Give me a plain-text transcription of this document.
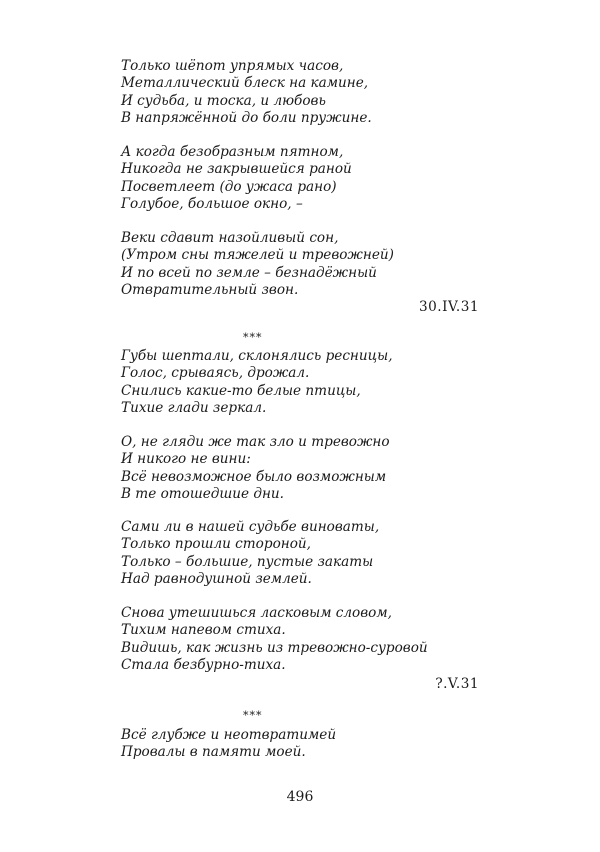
Только шёпот упрямых часов,
Металлический блеск на камине,
И судьба, и тоска, и любовь
В напряжённой до боли пружине.
А когда безобразным пятном,
Никогда не закрывшейся раной
Посветлеет (до ужаса рано)
Голубое, большое окно, –
Веки сдавит назойливый сон,
(Утром сны тяжелей и тревожней)
И по всей по земле – безнадёжный
Отвратительный звон.
30.IV.31
***
Губы шептали, склонялись ресницы,
Голос, срываясь, дрожал.
Снились какие-то белые птицы,
Тихие глади зеркал.
О, не гляди же так зло и тревожно
И никого не вини:
Всё невозможное было возможным
В те отошедшие дни.
Сами ли в нашей судьбе виноваты,
Только прошли стороной,
Только – большие, пустые закаты
Над равнодушной землей.
Снова утешишься ласковым словом,
Тихим напевом стиха.
Видишь, как жизнь из тревожно-суровой
Стала безбурно-тиха.
?.V.31
***
Всё глубже и неотвратимей
Провалы в памяти моей.
496
